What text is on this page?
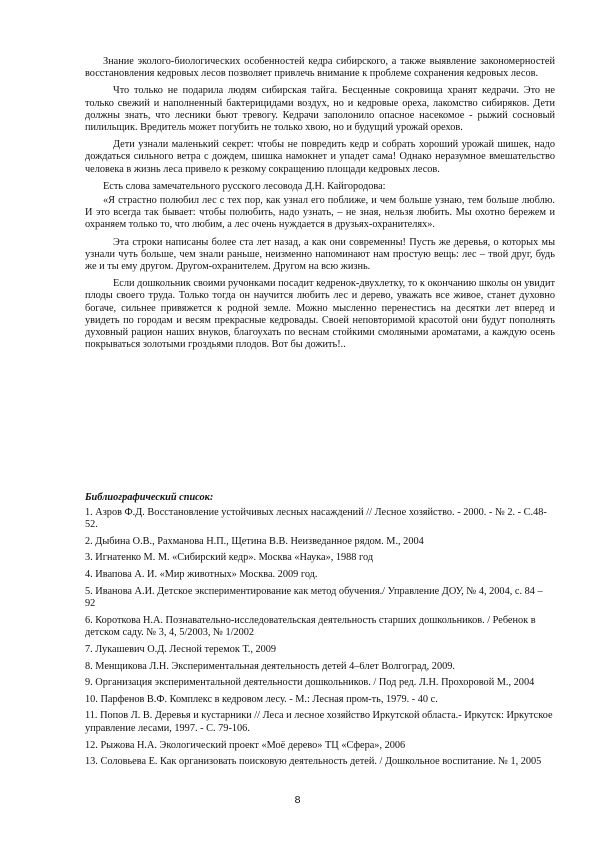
Знание эколого-биологических особенностей кедра сибирского, а также выявление закономерностей восстановления кедровых лесов позволяет привлечь внимание к проблеме сохранения кедровых лесов.

Что только не подарила людям сибирская тайга. Бесценные сокровища хранят кедрачи. Это не только свежий и наполненный бактерицидами воздух, но и кедровые ореха, лакомство сибиряков. Дети должны знать, что лесники бьют тревогу. Кедрачи заполонило опасное насекомое - рыжий сосновый пилильщик. Вредитель может погубить не только хвою, но и будущий урожай орехов.

Дети узнали маленький секрет: чтобы не повредить кедр и собрать хороший урожай шишек, надо дождаться сильного ветра с дождем, шишка намокнет и упадет сама! Однако неразумное вмешательство человека в жизнь леса привело к резкому сокращению площади кедровых лесов.

Есть слова замечательного русского лесовода Д.Н. Кайгородова:

«Я страстно полюбил лес с тех пор, как узнал его поближе, и чем больше узнаю, тем больше люблю. И это всегда так бывает: чтобы полюбить, надо узнать, – не зная, нельзя любить. Мы охотно бережем и охраняем только то, что любим, а лес очень нуждается в друзьях-охранителях».

Эта строки написаны более ста лет назад, а как они современны! Пусть же деревья, о которых мы узнали чуть больше, чем знали раньше, неизменно напоминают нам простую вещь: лес – твой друг, будь же и ты ему другом. Другом-охранителем. Другом на всю жизнь.

Если дошкольник своими ручонками посадит кедренок-двухлетку, то к окончанию школы он увидит плоды своего труда. Только тогда он научится любить лес и дерево, уважать все живое, станет духовно богаче, сильнее привяжется к родной земле. Можно мысленно перенестись на десятки лет вперед и увидеть по городам и весям прекрасные кедровады. Своей неповторимой красотой они будут пополнять духовный рацион наших внуков, благоухать по веснам стойкими смоляными ароматами, а каждую осень покрываться золотыми гроздьями плодов. Вот бы дожить!..

Библиографический список:
1. Азров Ф.Д. Восстановление устойчивых лесных насаждений // Лесное хозяйство. - 2000. - № 2. - С.48-52.
2. Дыбина О.В., Рахманова Н.П., Щетина В.В. Неизведанное рядом. М., 2004
3. Игнатенко М. М. «Сибирский кедр». Москва «Наука», 1988 год
4. Ивапова А. И. «Мир животных» Москва. 2009 год.
5. Иванова А.И. Детское экспериментирование как метод обучения./ Управление ДОУ, № 4, 2004, с. 84 – 92
6. Короткова Н.А. Познавательно-исследовательская деятельность старших дошкольников. / Ребенок в детском саду. № 3, 4, 5/2003, № 1/2002
7. Лукашевич О.Д. Лесной теремок Т., 2009
8. Менщикова Л.Н. Экспериментальная деятельность детей 4–6лет Волгоград, 2009.
9. Организация экспериментальной деятельности дошкольников. / Под ред. Л.Н. Прохоровой М., 2004
10. Парфенов В.Ф. Комплекс в кедровом лесу. - М.: Лесная пром-ть, 1979. - 40 с.
11. Попов Л. В. Деревья и кустарники // Леса и лесное хозяйство Иркутской областа.- Иркутск: Иркутское управление лесами, 1997. - С. 79-106.
12. Рыжова Н.А. Экологический проект «Моё дерево» ТЦ «Сфера», 2006
13. Соловьева Е. Как организовать поисковую деятельность детей. / Дошкольное воспитание. № 1, 2005
8
